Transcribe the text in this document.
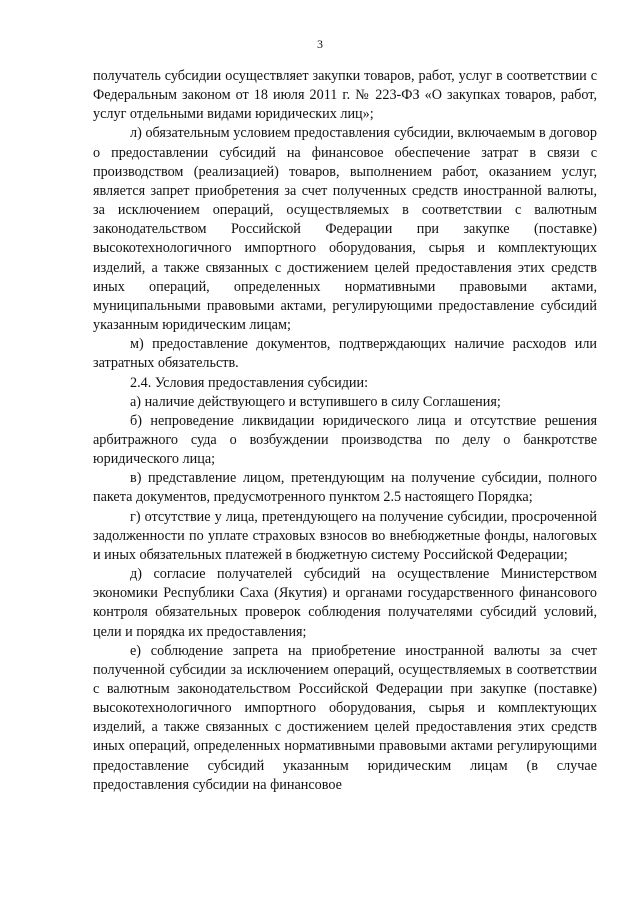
3

получатель субсидии осуществляет закупки товаров, работ, услуг в соответствии с Федеральным законом от 18 июля 2011 г. № 223-ФЗ «О закупках товаров, работ, услуг отдельными видами юридических лиц»;

л) обязательным условием предоставления субсидии, включаемым в договор о предоставлении субсидий на финансовое обеспечение затрат в связи с производством (реализацией) товаров, выполнением работ, оказанием услуг, является запрет приобретения за счет полученных средств иностранной валюты, за исключением операций, осуществляемых в соответствии с валютным законодательством Российской Федерации при закупке (поставке) высокотехнологичного импортного оборудования, сырья и комплектующих изделий, а также связанных с достижением целей предоставления этих средств иных операций, определенных нормативными правовыми актами, муниципальными правовыми актами, регулирующими предоставление субсидий указанным юридическим лицам;

м) предоставление документов, подтверждающих наличие расходов или затратных обязательств.

2.4. Условия предоставления субсидии:

а) наличие действующего и вступившего в силу Соглашения;

б) непроведение ликвидации юридического лица и отсутствие решения арбитражного суда о возбуждении производства по делу о банкротстве юридического лица;

в) представление лицом, претендующим на получение субсидии, полного пакета документов, предусмотренного пунктом 2.5 настоящего Порядка;

г) отсутствие у лица, претендующего на получение субсидии, просроченной задолженности по уплате страховых взносов во внебюджетные фонды, налоговых и иных обязательных платежей в бюджетную систему Российской Федерации;

д) согласие получателей субсидий на осуществление Министерством экономики Республики Саха (Якутия) и органами государственного финансового контроля обязательных проверок соблюдения получателями субсидий условий, цели и порядка их предоставления;

е) соблюдение запрета на приобретение иностранной валюты за счет полученной субсидии за исключением операций, осуществляемых в соответствии с валютным законодательством Российской Федерации при закупке (поставке) высокотехнологичного импортного оборудования, сырья и комплектующих изделий, а также связанных с достижением целей предоставления этих средств иных операций, определенных нормативными правовыми актами регулирующими предоставление субсидий указанным юридическим лицам (в случае предоставления субсидии на финансовое
